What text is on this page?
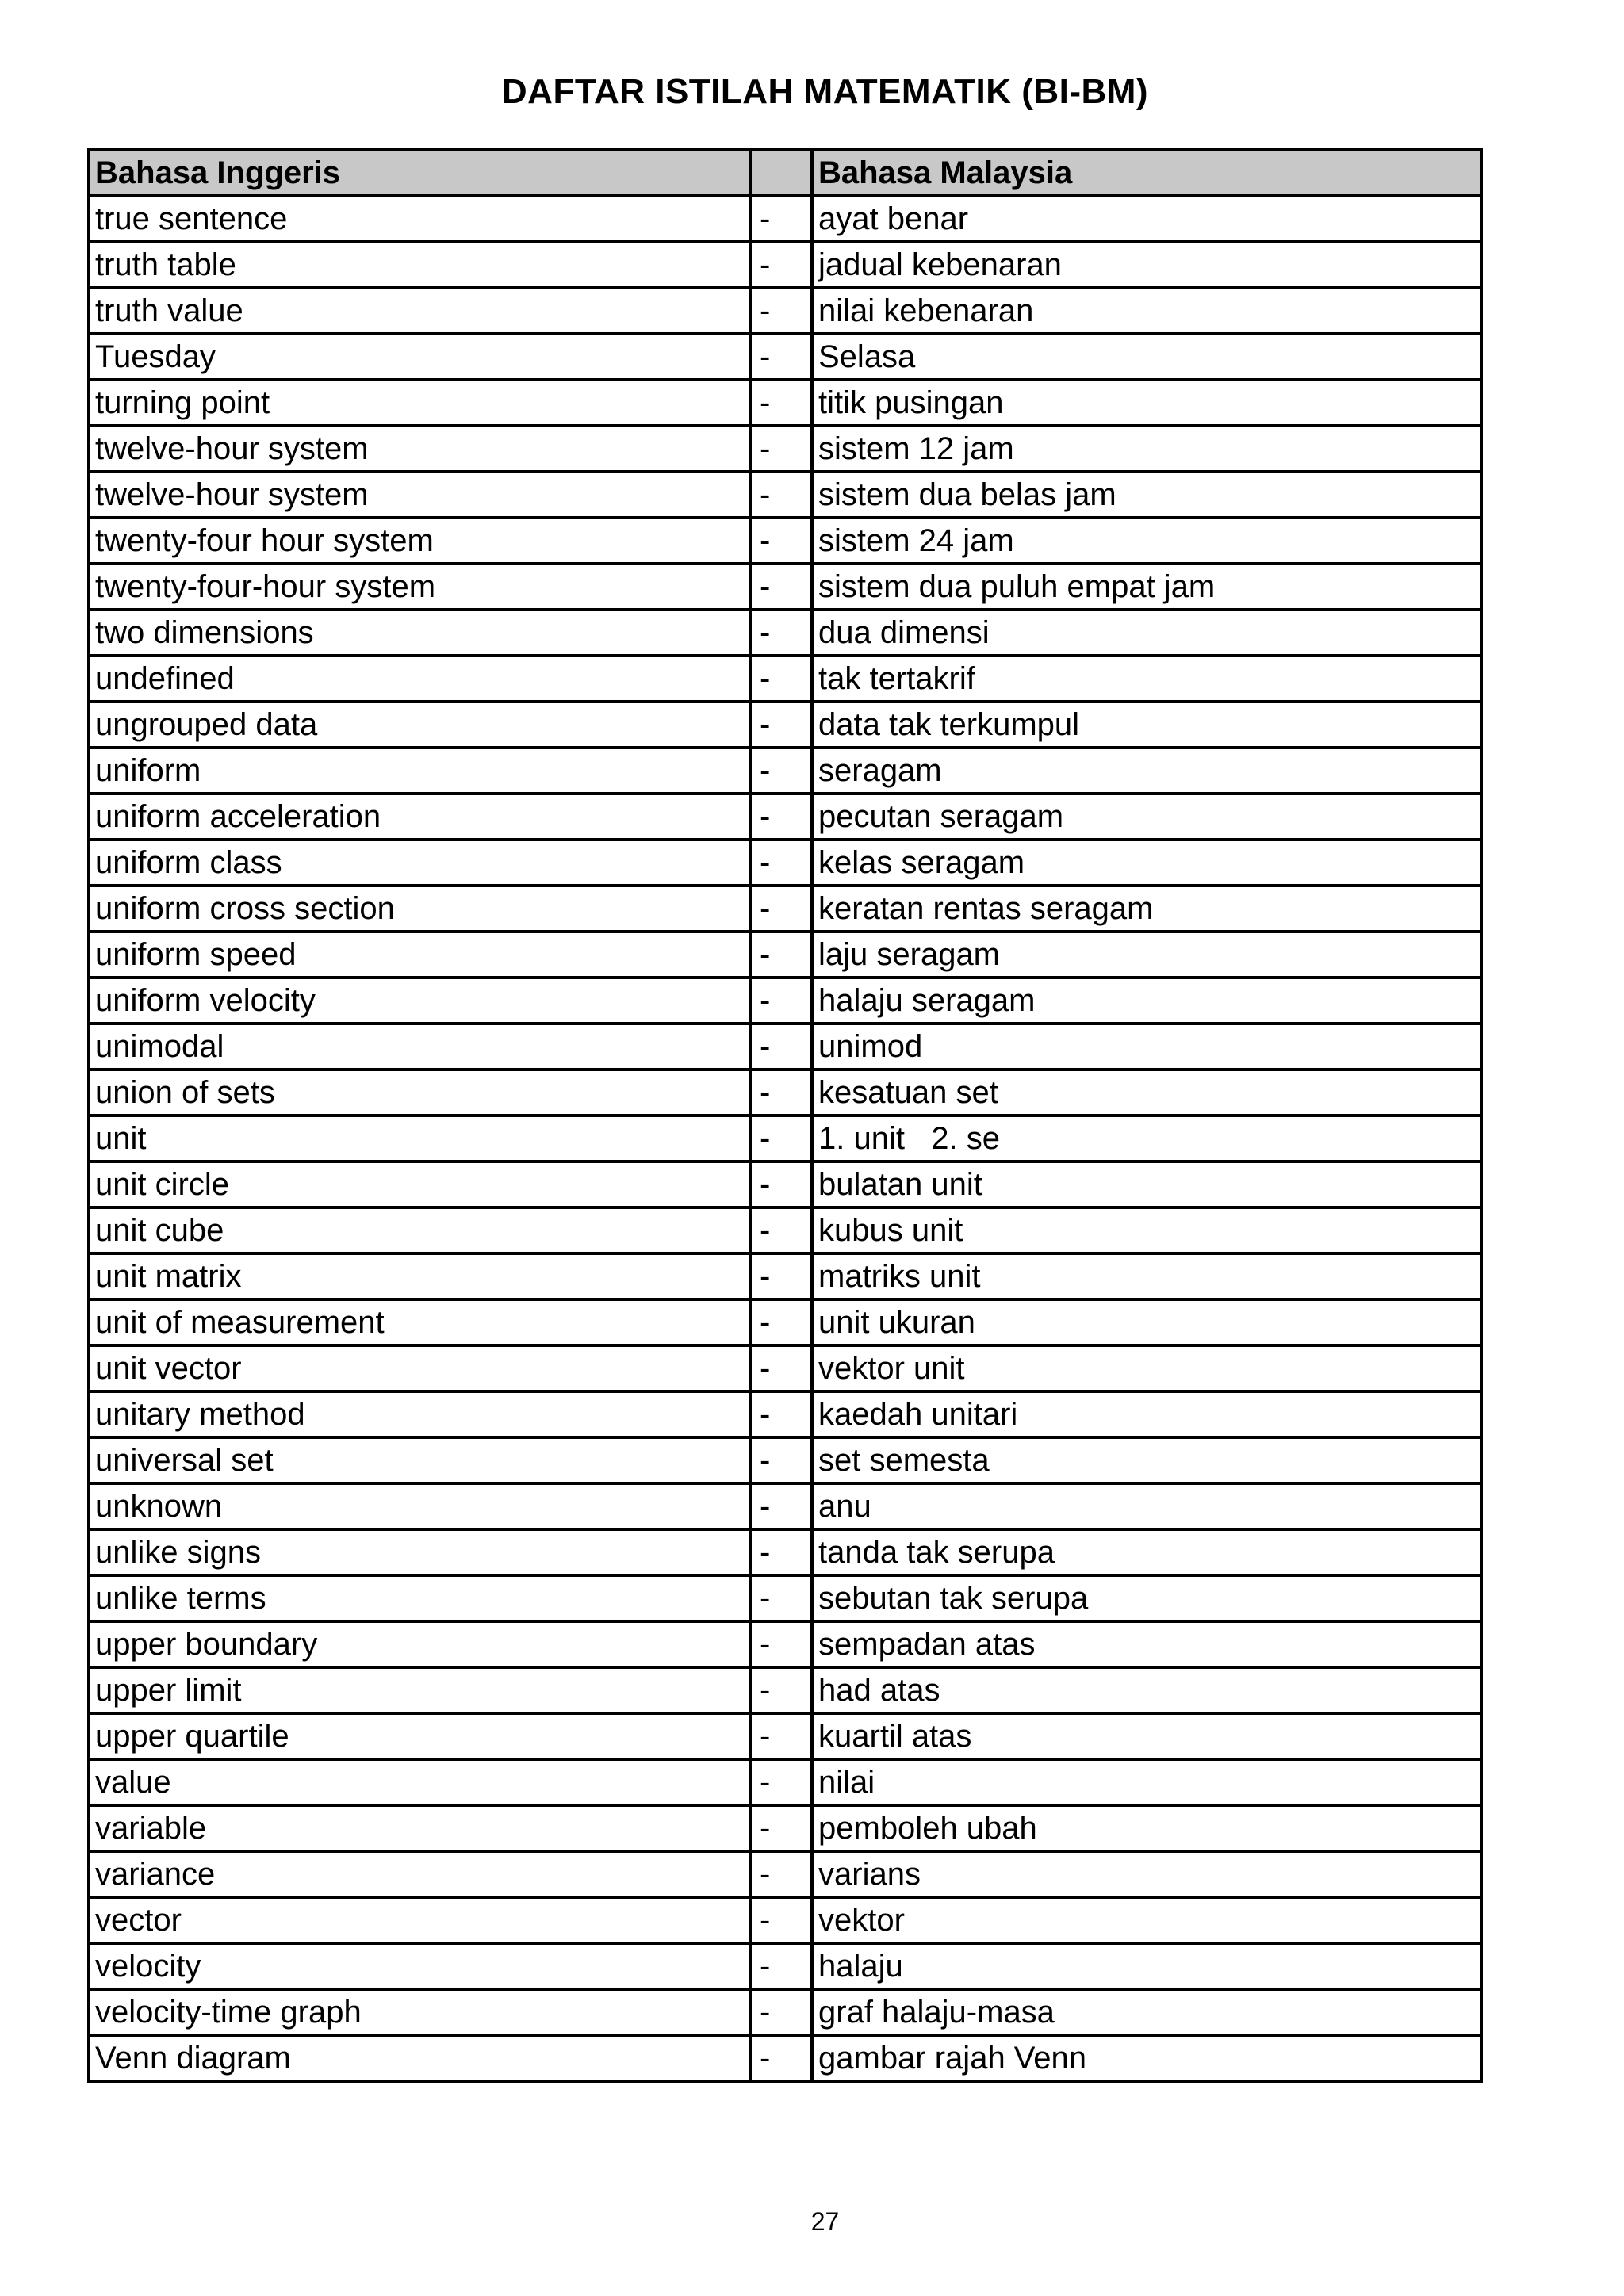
DAFTAR ISTILAH MATEMATIK (BI-BM)
Bahasa Inggeris		Bahasa Malaysia
true sentence	-	ayat benar
truth table	-	jadual kebenaran
truth value	-	nilai kebenaran
Tuesday	-	Selasa
turning point	-	titik pusingan
twelve-hour system	-	sistem 12 jam
twelve-hour system	-	sistem dua belas jam
twenty-four hour system	-	sistem 24 jam
twenty-four-hour system	-	sistem dua puluh empat jam
two dimensions	-	dua dimensi
undefined	-	tak tertakrif
ungrouped data	-	data tak terkumpul
uniform	-	seragam
uniform acceleration	-	pecutan seragam
uniform class	-	kelas seragam
uniform cross section	-	keratan rentas seragam
uniform speed	-	laju seragam
uniform velocity	-	halaju seragam
unimodal	-	unimod
union of sets	-	kesatuan set
unit	-	1. unit   2. se
unit circle	-	bulatan unit
unit cube	-	kubus unit
unit matrix	-	matriks unit
unit of measurement	-	unit ukuran
unit vector	-	vektor unit
unitary method	-	kaedah unitari
universal set	-	set semesta
unknown	-	anu
unlike signs	-	tanda tak serupa
unlike terms	-	sebutan tak serupa
upper boundary	-	sempadan atas
upper limit	-	had atas
upper quartile	-	kuartil atas
value	-	nilai
variable	-	pemboleh ubah
variance	-	varians
vector	-	vektor
velocity	-	halaju
velocity-time graph	-	graf halaju-masa
Venn diagram	-	gambar rajah Venn
27
